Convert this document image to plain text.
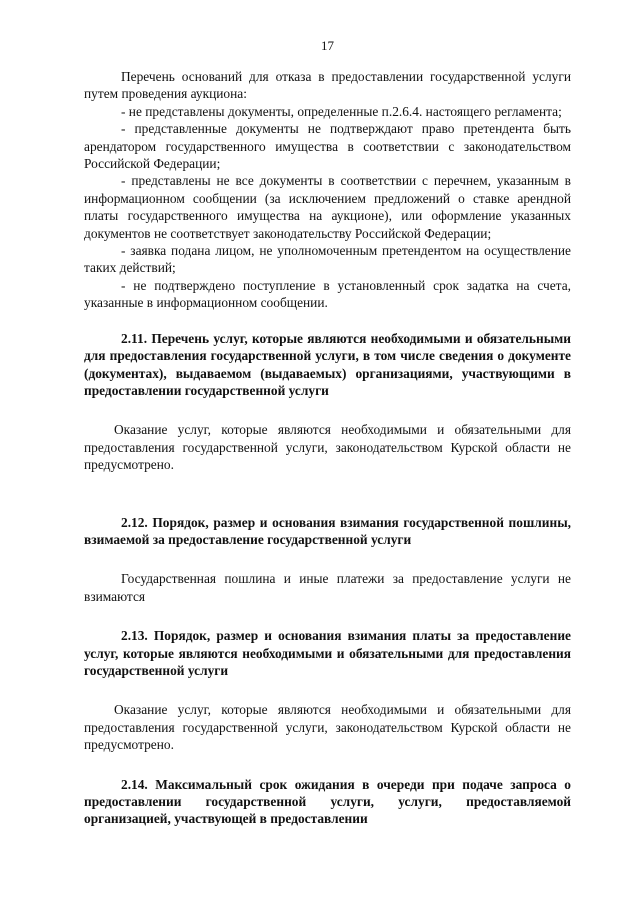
17

Перечень оснований для отказа в предоставлении государственной услуги путем проведения аукциона:

- не представлены документы, определенные п.2.6.4. настоящего регламента;

- представленные документы не подтверждают право претендента быть арендатором государственного имущества в соответствии с законодательством Российской Федерации;

- представлены не все документы в соответствии с перечнем, указанным в информационном сообщении (за исключением предложений о ставке арендной платы государственного имущества на аукционе), или оформление указанных документов не соответствует законодательству Российской Федерации;

- заявка подана лицом, не уполномоченным претендентом на осуществление таких действий;

- не подтверждено поступление в установленный срок задатка на счета, указанные в информационном сообщении.

2.11. Перечень услуг, которые являются необходимыми и обязательными для предоставления государственной услуги, в том числе сведения о документе (документах), выдаваемом (выдаваемых) организациями, участвующими в предоставлении государственной услуги

Оказание услуг, которые являются необходимыми и обязательными для предоставления государственной услуги, законодательством Курской области не предусмотрено.

2.12. Порядок, размер и основания взимания государственной пошлины, взимаемой за предоставление государственной услуги

Государственная пошлина и иные платежи за предоставление услуги не взимаются

2.13. Порядок, размер и основания взимания платы за предоставление услуг, которые являются необходимыми и обязательными для предоставления государственной услуги

Оказание услуг, которые являются необходимыми и обязательными для предоставления государственной услуги, законодательством Курской области не предусмотрено.

2.14. Максимальный срок ожидания в очереди при подаче запроса о предоставлении государственной услуги, услуги, предоставляемой организацией, участвующей в предоставлении
